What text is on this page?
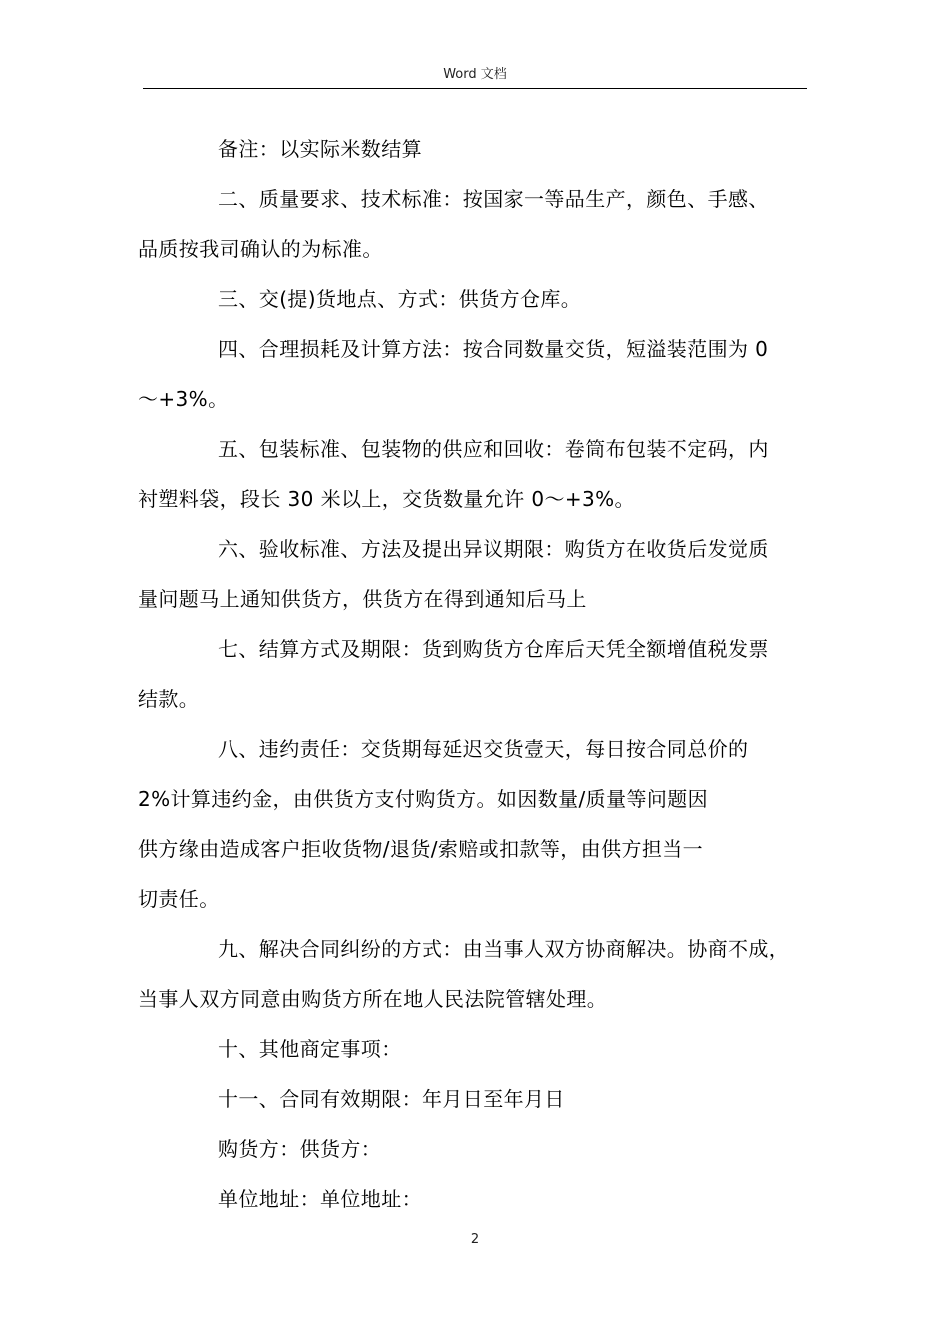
Word 文档

备注：以实际米数结算

二、质量要求、技术标准：按国家一等品生产，颜色、手感、
品质按我司确认的为标准。

三、交(提)货地点、方式：供货方仓库。

四、合理损耗及计算方法：按合同数量交货，短溢装范围为 0
～+3%。

五、包装标准、包装物的供应和回收：卷筒布包装不定码，内
衬塑料袋，段长 30 米以上，交货数量允许 0～+3%。

六、验收标准、方法及提出异议期限：购货方在收货后发觉质
量问题马上通知供货方，供货方在得到通知后马上

七、结算方式及期限：货到购货方仓库后天凭全额增值税发票
结款。

八、违约责任：交货期每延迟交货壹天，每日按合同总价的
2%计算违约金，由供货方支付购货方。如因数量/质量等问题因
供方缘由造成客户拒收货物/退货/索赔或扣款等，由供方担当一
切责任。

九、解决合同纠纷的方式：由当事人双方协商解决。协商不成，
当事人双方同意由购货方所在地人民法院管辖处理。

十、其他商定事项：

十一、合同有效期限：年月日至年月日

购货方：供货方：

单位地址：单位地址：

2
